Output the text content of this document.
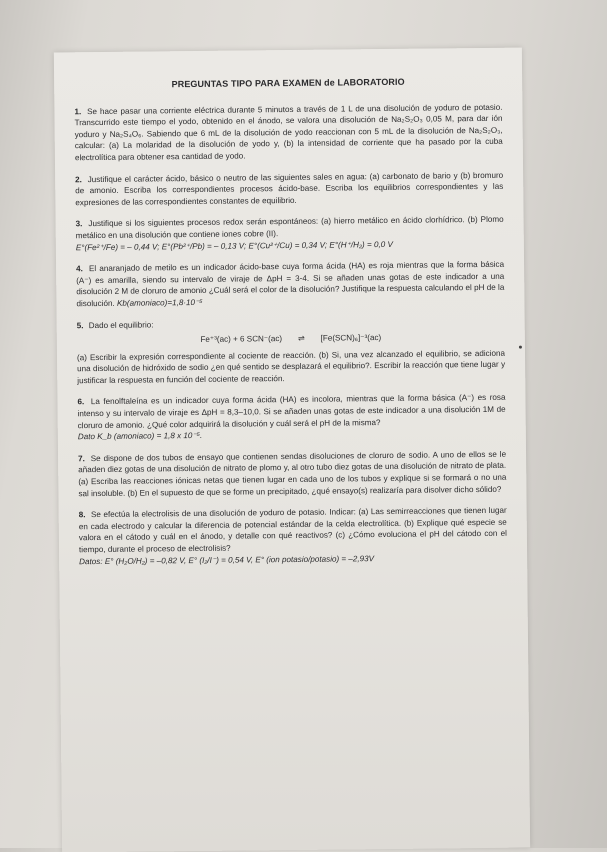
PREGUNTAS TIPO PARA EXAMEN de LABORATORIO
1. Se hace pasar una corriente eléctrica durante 5 minutos a través de 1 L de una disolución de yoduro de potasio. Transcurrido este tiempo el yodo, obtenido en el ánodo, se valora una disolución de Na₂S₂O₃ 0,05 M, para dar ión yoduro y Na₂S₄O₆. Sabiendo que 6 mL de la disolución de yodo reaccionan con 5 mL de la disolución de Na₂S₂O₃, calcular: (a) La molaridad de la disolución de yodo y, (b) la intensidad de corriente que ha pasado por la cuba electrolítica para obtener esa cantidad de yodo.
2. Justifique el carácter ácido, básico o neutro de las siguientes sales en agua: (a) carbonato de bario y (b) bromuro de amonio. Escriba los correspondientes procesos ácido-base. Escriba los equilibrios correspondientes y las expresiones de las correspondientes constantes de equilibrio.
3. Justifique si los siguientes procesos redox serán espontáneos: (a) hierro metálico en ácido clorhídrico. (b) Plomo metálico en una disolución que contiene iones cobre (II).
E°(Fe²⁺/Fe) = – 0,44 V; E°(Pb²⁺/Pb) = – 0,13 V; E°(Cu²⁺/Cu) = 0,34 V; E°(H⁺/H₂) = 0,0 V
4. El anaranjado de metilo es un indicador ácido-base cuya forma ácida (HA) es roja mientras que la forma básica (A⁻) es amarilla, siendo su intervalo de viraje de ΔpH = 3-4. Si se añaden unas gotas de este indicador a una disolución 2 M de cloruro de amonio ¿Cuál será el color de la disolución? Justifique la respuesta calculando el pH de la disolución. Kb(amoniaco)=1,8·10⁻⁵
5. Dado el equilibrio:
Fe⁺³(ac) + 6 SCN⁻(ac) ⇌ [Fe(SCN)₆]⁻³(ac)
(a) Escribir la expresión correspondiente al cociente de reacción. (b) Si, una vez alcanzado el equilibrio, se adiciona una disolución de hidróxido de sodio ¿en qué sentido se desplazará el equilibrio?. Escribir la reacción que tiene lugar y justificar la respuesta en función del cociente de reacción.
6. La fenolftaleína es un indicador cuya forma ácida (HA) es incolora, mientras que la forma básica (A⁻) es rosa intenso y su intervalo de viraje es ΔpH = 8,3–10,0. Si se añaden unas gotas de este indicador a una disolución 1M de cloruro de amonio. ¿Qué color adquirirá la disolución y cuál será el pH de la misma?
Dato K_b (amoniaco) = 1,8 x 10⁻⁵.
7. Se dispone de dos tubos de ensayo que contienen sendas disoluciones de cloruro de sodio. A uno de ellos se le añaden diez gotas de una disolución de nitrato de plomo y, al otro tubo diez gotas de una disolución de nitrato de plata. (a) Escriba las reacciones iónicas netas que tienen lugar en cada uno de los tubos y explique si se formará o no una sal insoluble. (b) En el supuesto de que se forme un precipitado, ¿qué ensayo(s) realizaría para disolver dicho sólido?
8. Se efectúa la electrolisis de una disolución de yoduro de potasio. Indicar: (a) Las semirreacciones que tienen lugar en cada electrodo y calcular la diferencia de potencial estándar de la celda electrolítica. (b) Explique qué especie se valora en el cátodo y cuál en el ánodo, y detalle con qué reactivos? (c) ¿Cómo evoluciona el pH del cátodo con el tiempo, durante el proceso de electrolisis?
Datos: E° (H₂O/H₂) = –0,82 V, E° (I₂/I⁻) = 0,54 V, E° (ion potasio/potasio) = –2,93V
